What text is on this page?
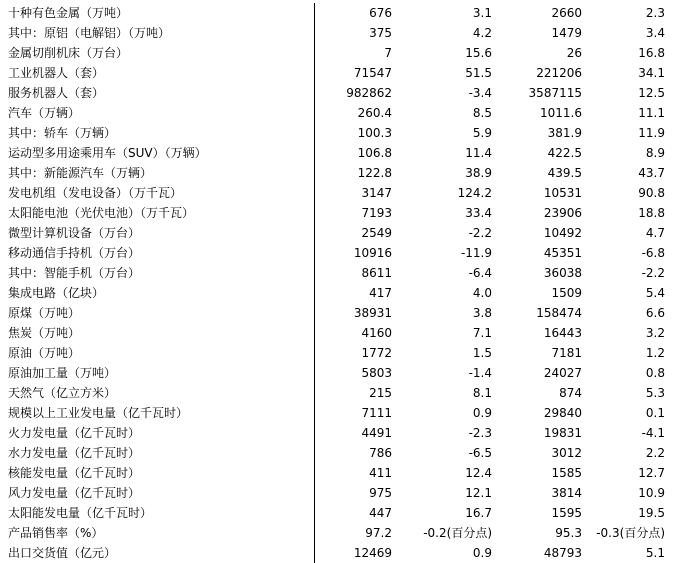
十种有色金属（万吨）	676	3.1	2660	2.3
其中：原铝（电解铝）（万吨）	375	4.2	1479	3.4
金属切削机床（万台）	7	15.6	26	16.8
工业机器人（套）	71547	51.5	221206	34.1
服务机器人（套）	982862	-3.4	3587115	12.5
汽车（万辆）	260.4	8.5	1011.6	11.1
其中：轿车（万辆）	100.3	5.9	381.9	11.9
运动型多用途乘用车（SUV）（万辆）	106.8	11.4	422.5	8.9
其中：新能源汽车（万辆）	122.8	38.9	439.5	43.7
发电机组（发电设备）（万千瓦）	3147	124.2	10531	90.8
太阳能电池（光伏电池）（万千瓦）	7193	33.4	23906	18.8
微型计算机设备（万台）	2549	-2.2	10492	4.7
移动通信手持机（万台）	10916	-11.9	45351	-6.8
其中：智能手机（万台）	8611	-6.4	36038	-2.2
集成电路（亿块）	417	4.0	1509	5.4
原煤（万吨）	38931	3.8	158474	6.6
焦炭（万吨）	4160	7.1	16443	3.2
原油（万吨）	1772	1.5	7181	1.2
原油加工量（万吨）	5803	-1.4	24027	0.8
天然气（亿立方米）	215	8.1	874	5.3
规模以上工业发电量（亿千瓦时）	7111	0.9	29840	0.1
火力发电量（亿千瓦时）	4491	-2.3	19831	-4.1
水力发电量（亿千瓦时）	786	-6.5	3012	2.2
核能发电量（亿千瓦时）	411	12.4	1585	12.7
风力发电量（亿千瓦时）	975	12.1	3814	10.9
太阳能发电量（亿千瓦时）	447	16.7	1595	19.5
产品销售率（%）	97.2	-0.2(百分点)	95.3	-0.3(百分点)
出口交货值（亿元）	12469	0.9	48793	5.1
